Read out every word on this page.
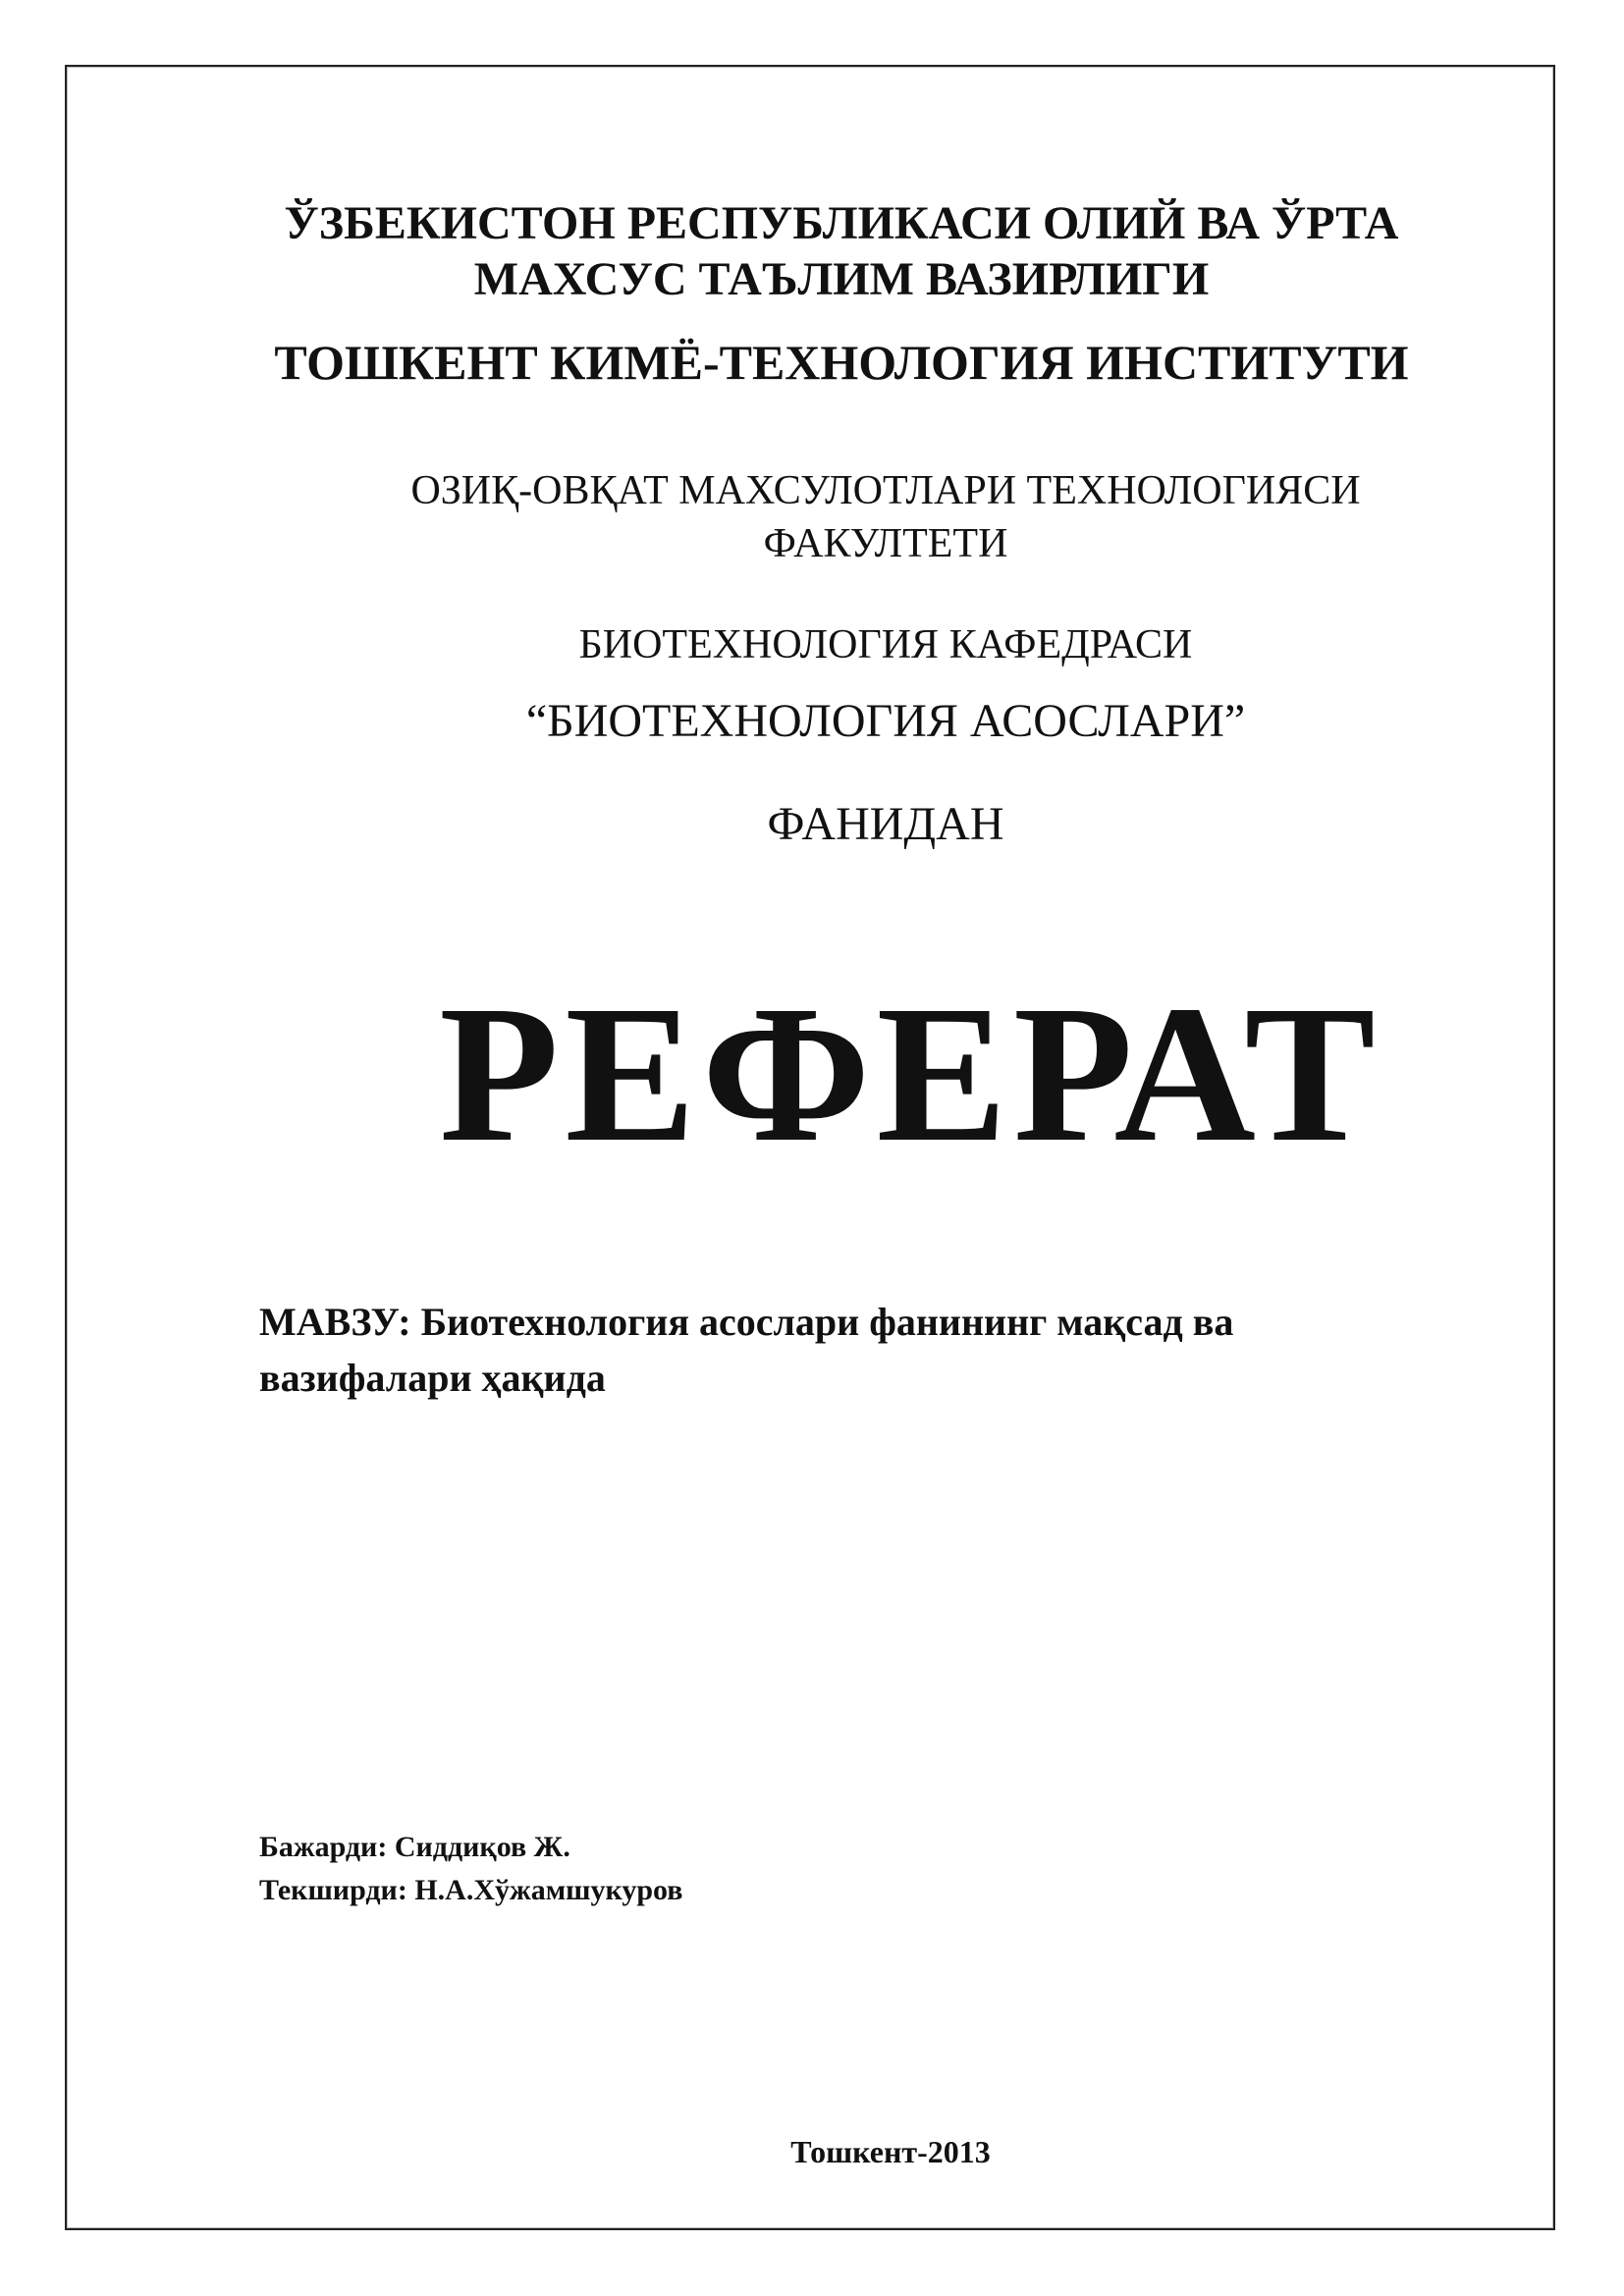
ЎЗБЕКИСТОН РЕСПУБЛИКАСИ ОЛИЙ ВА ЎРТА
МАХСУС ТАЪЛИМ ВАЗИРЛИГИ
ТОШКЕНТ КИМЁ-ТЕХНОЛОГИЯ ИНСТИТУТИ
ОЗИҚ-ОВҚАТ МАХСУЛОТЛАРИ ТЕХНОЛОГИЯСИ
ФАКУЛТЕТИ
БИОТЕХНОЛОГИЯ КАФЕДРАСИ
“БИОТЕХНОЛОГИЯ АСОСЛАРИ”
ФАНИДАН
РЕФЕРАТ
МАВЗУ: Биотехнология асослари фанининг мақсад ва вазифалари ҳақида
Бажарди: Сиддиқов Ж.
Текширди: Н.А.Хўжамшукуров
Тошкент-2013
